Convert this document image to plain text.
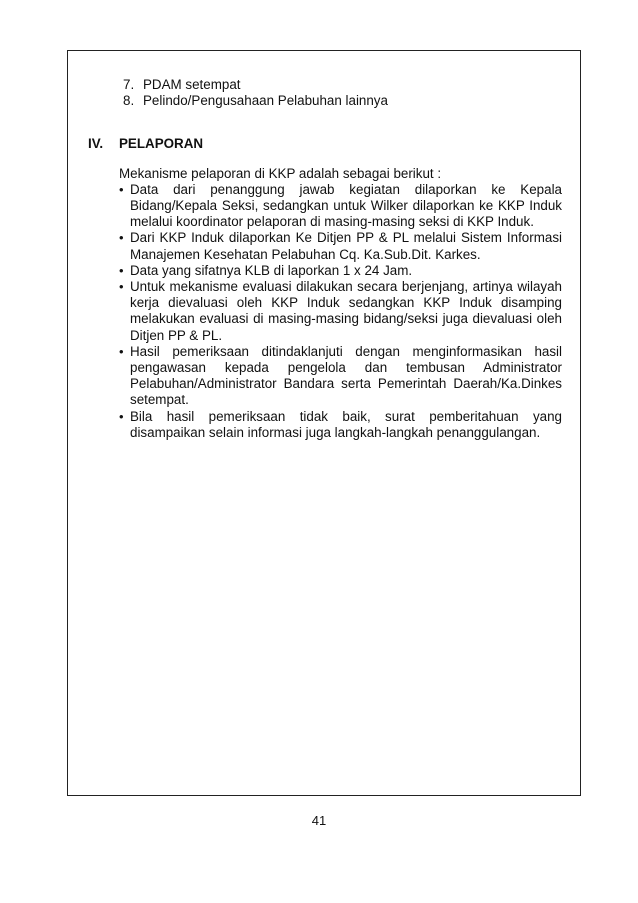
7. PDAM setempat
8. Pelindo/Pengusahaan Pelabuhan lainnya
IV.	PELAPORAN
Mekanisme pelaporan di KKP adalah sebagai berikut :
• Data dari penanggung jawab kegiatan dilaporkan ke Kepala Bidang/Kepala Seksi, sedangkan untuk Wilker dilaporkan ke KKP Induk melalui koordinator pelaporan di masing-masing seksi di KKP Induk.
• Dari KKP Induk dilaporkan Ke Ditjen PP & PL melalui Sistem Informasi Manajemen Kesehatan Pelabuhan Cq. Ka.Sub.Dit. Karkes.
• Data yang sifatnya KLB di laporkan 1 x 24 Jam.
• Untuk mekanisme evaluasi dilakukan secara berjenjang, artinya wilayah kerja dievaluasi oleh KKP Induk sedangkan KKP Induk disamping melakukan evaluasi di masing-masing bidang/seksi juga dievaluasi oleh Ditjen PP & PL.
• Hasil pemeriksaan ditindaklanjuti dengan menginformasikan hasil pengawasan kepada pengelola dan tembusan Administrator Pelabuhan/Administrator Bandara serta Pemerintah Daerah/Ka.Dinkes setempat.
• Bila hasil pemeriksaan tidak baik, surat pemberitahuan yang disampaikan selain informasi juga langkah-langkah penanggulangan.
41
